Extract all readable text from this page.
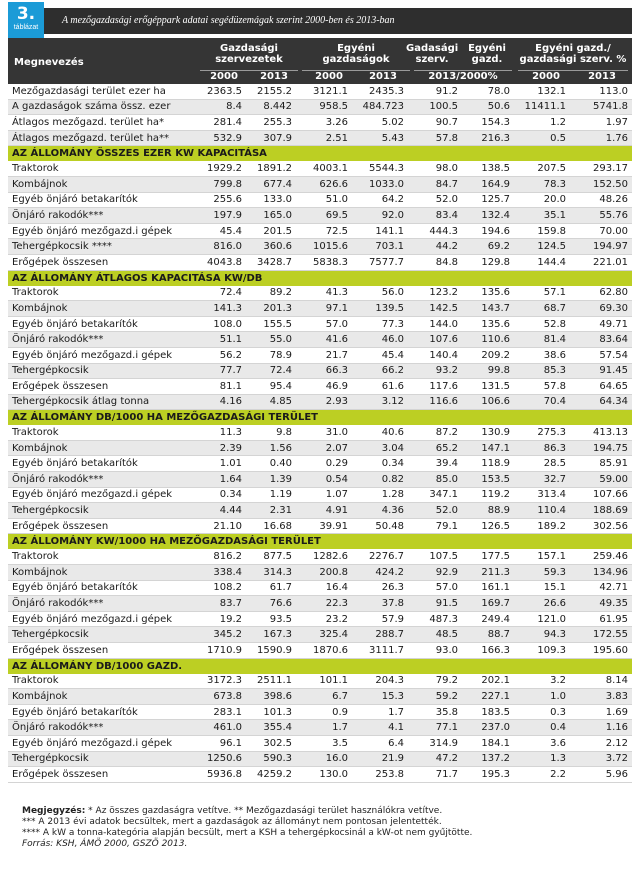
3.
táblázat
A mezőgazdasági erőgéppark adatai segédüzemágak szerint 2000-ben és 2013-ban
Megnevezés
Gazdasági szervezetek
Egyéni gazdaságok
Gadasági szerv.
Egyéni gazd.
Egyéni gazd./ gazdasági szerv. %
2000	2013	2000	2013	2013/2000%	2000	2013
Mezőgazdasági terület ezer ha	2363.5	2155.2	3121.1	2435.3	91.2	78.0	132.1	113.0
A gazdaságok száma össz. ezer	8.4	8.442	958.5	484.723	100.5	50.6	11411.1	5741.8
Átlagos mezőgazd. terület ha*	281.4	255.3	3.26	5.02	90.7	154.3	1.2	1.97
Átlagos mezőgazd. terület ha**	532.9	307.9	2.51	5.43	57.8	216.3	0.5	1.76
AZ ÁLLOMÁNY ÖSSZES EZER KW KAPACITÁSA								
Traktorok	1929.2	1891.2	4003.1	5544.3	98.0	138.5	207.5	293.17
Kombájnok	799.8	677.4	626.6	1033.0	84.7	164.9	78.3	152.50
Egyéb önjáró betakarítók	255.6	133.0	51.0	64.2	52.0	125.7	20.0	48.26
Önjáró rakodók***	197.9	165.0	69.5	92.0	83.4	132.4	35.1	55.76
Egyéb önjáró mezőgazd.i gépek	45.4	201.5	72.5	141.1	444.3	194.6	159.8	70.00
Tehergépkocsik ****	816.0	360.6	1015.6	703.1	44.2	69.2	124.5	194.97
Erőgépek összesen	4043.8	3428.7	5838.3	7577.7	84.8	129.8	144.4	221.01
AZ ÁLLOMÁNY ÁTLAGOS KAPACITÁSA KW/DB								
Traktorok	72.4	89.2	41.3	56.0	123.2	135.6	57.1	62.80
Kombájnok	141.3	201.3	97.1	139.5	142.5	143.7	68.7	69.30
Egyéb önjáró betakarítók	108.0	155.5	57.0	77.3	144.0	135.6	52.8	49.71
Önjáró rakodók***	51.1	55.0	41.6	46.0	107.6	110.6	81.4	83.64
Egyéb önjáró mezőgazd.i gépek	56.2	78.9	21.7	45.4	140.4	209.2	38.6	57.54
Tehergépkocsik	77.7	72.4	66.3	66.2	93.2	99.8	85.3	91.45
Erőgépek összesen	81.1	95.4	46.9	61.6	117.6	131.5	57.8	64.65
Tehergépkocsik átlag tonna	4.16	4.85	2.93	3.12	116.6	106.6	70.4	64.34
AZ ÁLLOMÁNY DB/1000 HA MEZŐGAZDASÁGI TERÜLET								
Traktorok	11.3	9.8	31.0	40.6	87.2	130.9	275.3	413.13
Kombájnok	2.39	1.56	2.07	3.04	65.2	147.1	86.3	194.75
Egyéb önjáró betakarítók	1.01	0.40	0.29	0.34	39.4	118.9	28.5	85.91
Önjáró rakodók***	1.64	1.39	0.54	0.82	85.0	153.5	32.7	59.00
Egyéb önjáró mezőgazd.i gépek	0.34	1.19	1.07	1.28	347.1	119.2	313.4	107.66
Tehergépkocsik	4.44	2.31	4.91	4.36	52.0	88.9	110.4	188.69
Erőgépek összesen	21.10	16.68	39.91	50.48	79.1	126.5	189.2	302.56
AZ ÁLLOMÁNY KW/1000 HA MEZŐGAZDASÁGI TERÜLET								
Traktorok	816.2	877.5	1282.6	2276.7	107.5	177.5	157.1	259.46
Kombájnok	338.4	314.3	200.8	424.2	92.9	211.3	59.3	134.96
Egyéb önjáró betakarítók	108.2	61.7	16.4	26.3	57.0	161.1	15.1	42.71
Önjáró rakodók***	83.7	76.6	22.3	37.8	91.5	169.7	26.6	49.35
Egyéb önjáró mezőgazd.i gépek	19.2	93.5	23.2	57.9	487.3	249.4	121.0	61.95
Tehergépkocsik	345.2	167.3	325.4	288.7	48.5	88.7	94.3	172.55
Erőgépek összesen	1710.9	1590.9	1870.6	3111.7	93.0	166.3	109.3	195.60
AZ ÁLLOMÁNY DB/1000 GAZD.								
Traktorok	3172.3	2511.1	101.1	204.3	79.2	202.1	3.2	8.14
Kombájnok	673.8	398.6	6.7	15.3	59.2	227.1	1.0	3.83
Egyéb önjáró betakarítók	283.1	101.3	0.9	1.7	35.8	183.5	0.3	1.69
Önjáró rakodók***	461.0	355.4	1.7	4.1	77.1	237.0	0.4	1.16
Egyéb önjáró mezőgazd.i gépek	96.1	302.5	3.5	6.4	314.9	184.1	3.6	2.12
Tehergépkocsik	1250.6	590.3	16.0	21.9	47.2	137.2	1.3	3.72
Erőgépek összesen	5936.8	4259.2	130.0	253.8	71.7	195.3	2.2	5.96
Megjegyzés: * Az összes gazdaságra vetítve. ** Mezőgazdasági terület használókra vetítve.
*** A 2013 évi adatok becsültek, mert a gazdaságok az állományt nem pontosan jelentették.
**** A kW a tonna-kategória alapján becsült, mert a KSH a tehergépkocsinál a kW-ot nem gyűjtötte.
Forrás: KSH, ÁMÖ 2000, GSZÖ 2013.
